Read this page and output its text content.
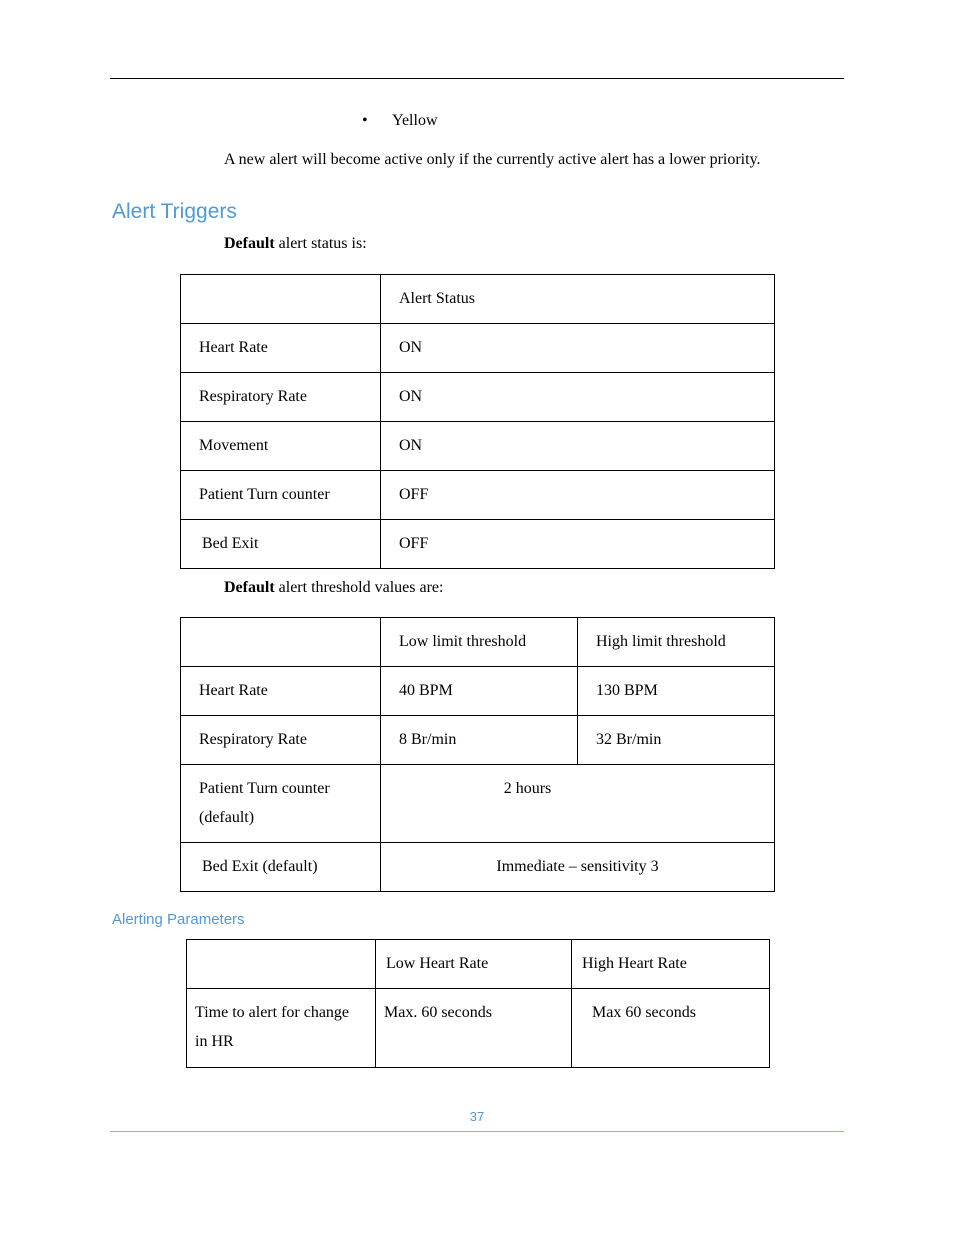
• Yellow
A new alert will become active only if the currently active alert has a lower priority.
Alert Triggers
Default alert status is:

	Alert Status

Heart Rate	ON

Respiratory Rate	ON

Movement	ON

Patient Turn counter	OFF

Bed Exit	OFF
Default alert threshold values are:

	Low limit threshold	High limit threshold

Heart Rate	40 BPM	130 BPM

Respiratory Rate	8 Br/min	32 Br/min

Patient Turn counter
(default)	2 hours	

Bed Exit (default)	Immediate – sensitivity 3	
Alerting Parameters

	Low Heart Rate	High Heart Rate

Time to alert for change
in HR	Max. 60 seconds	Max 60 seconds
37
